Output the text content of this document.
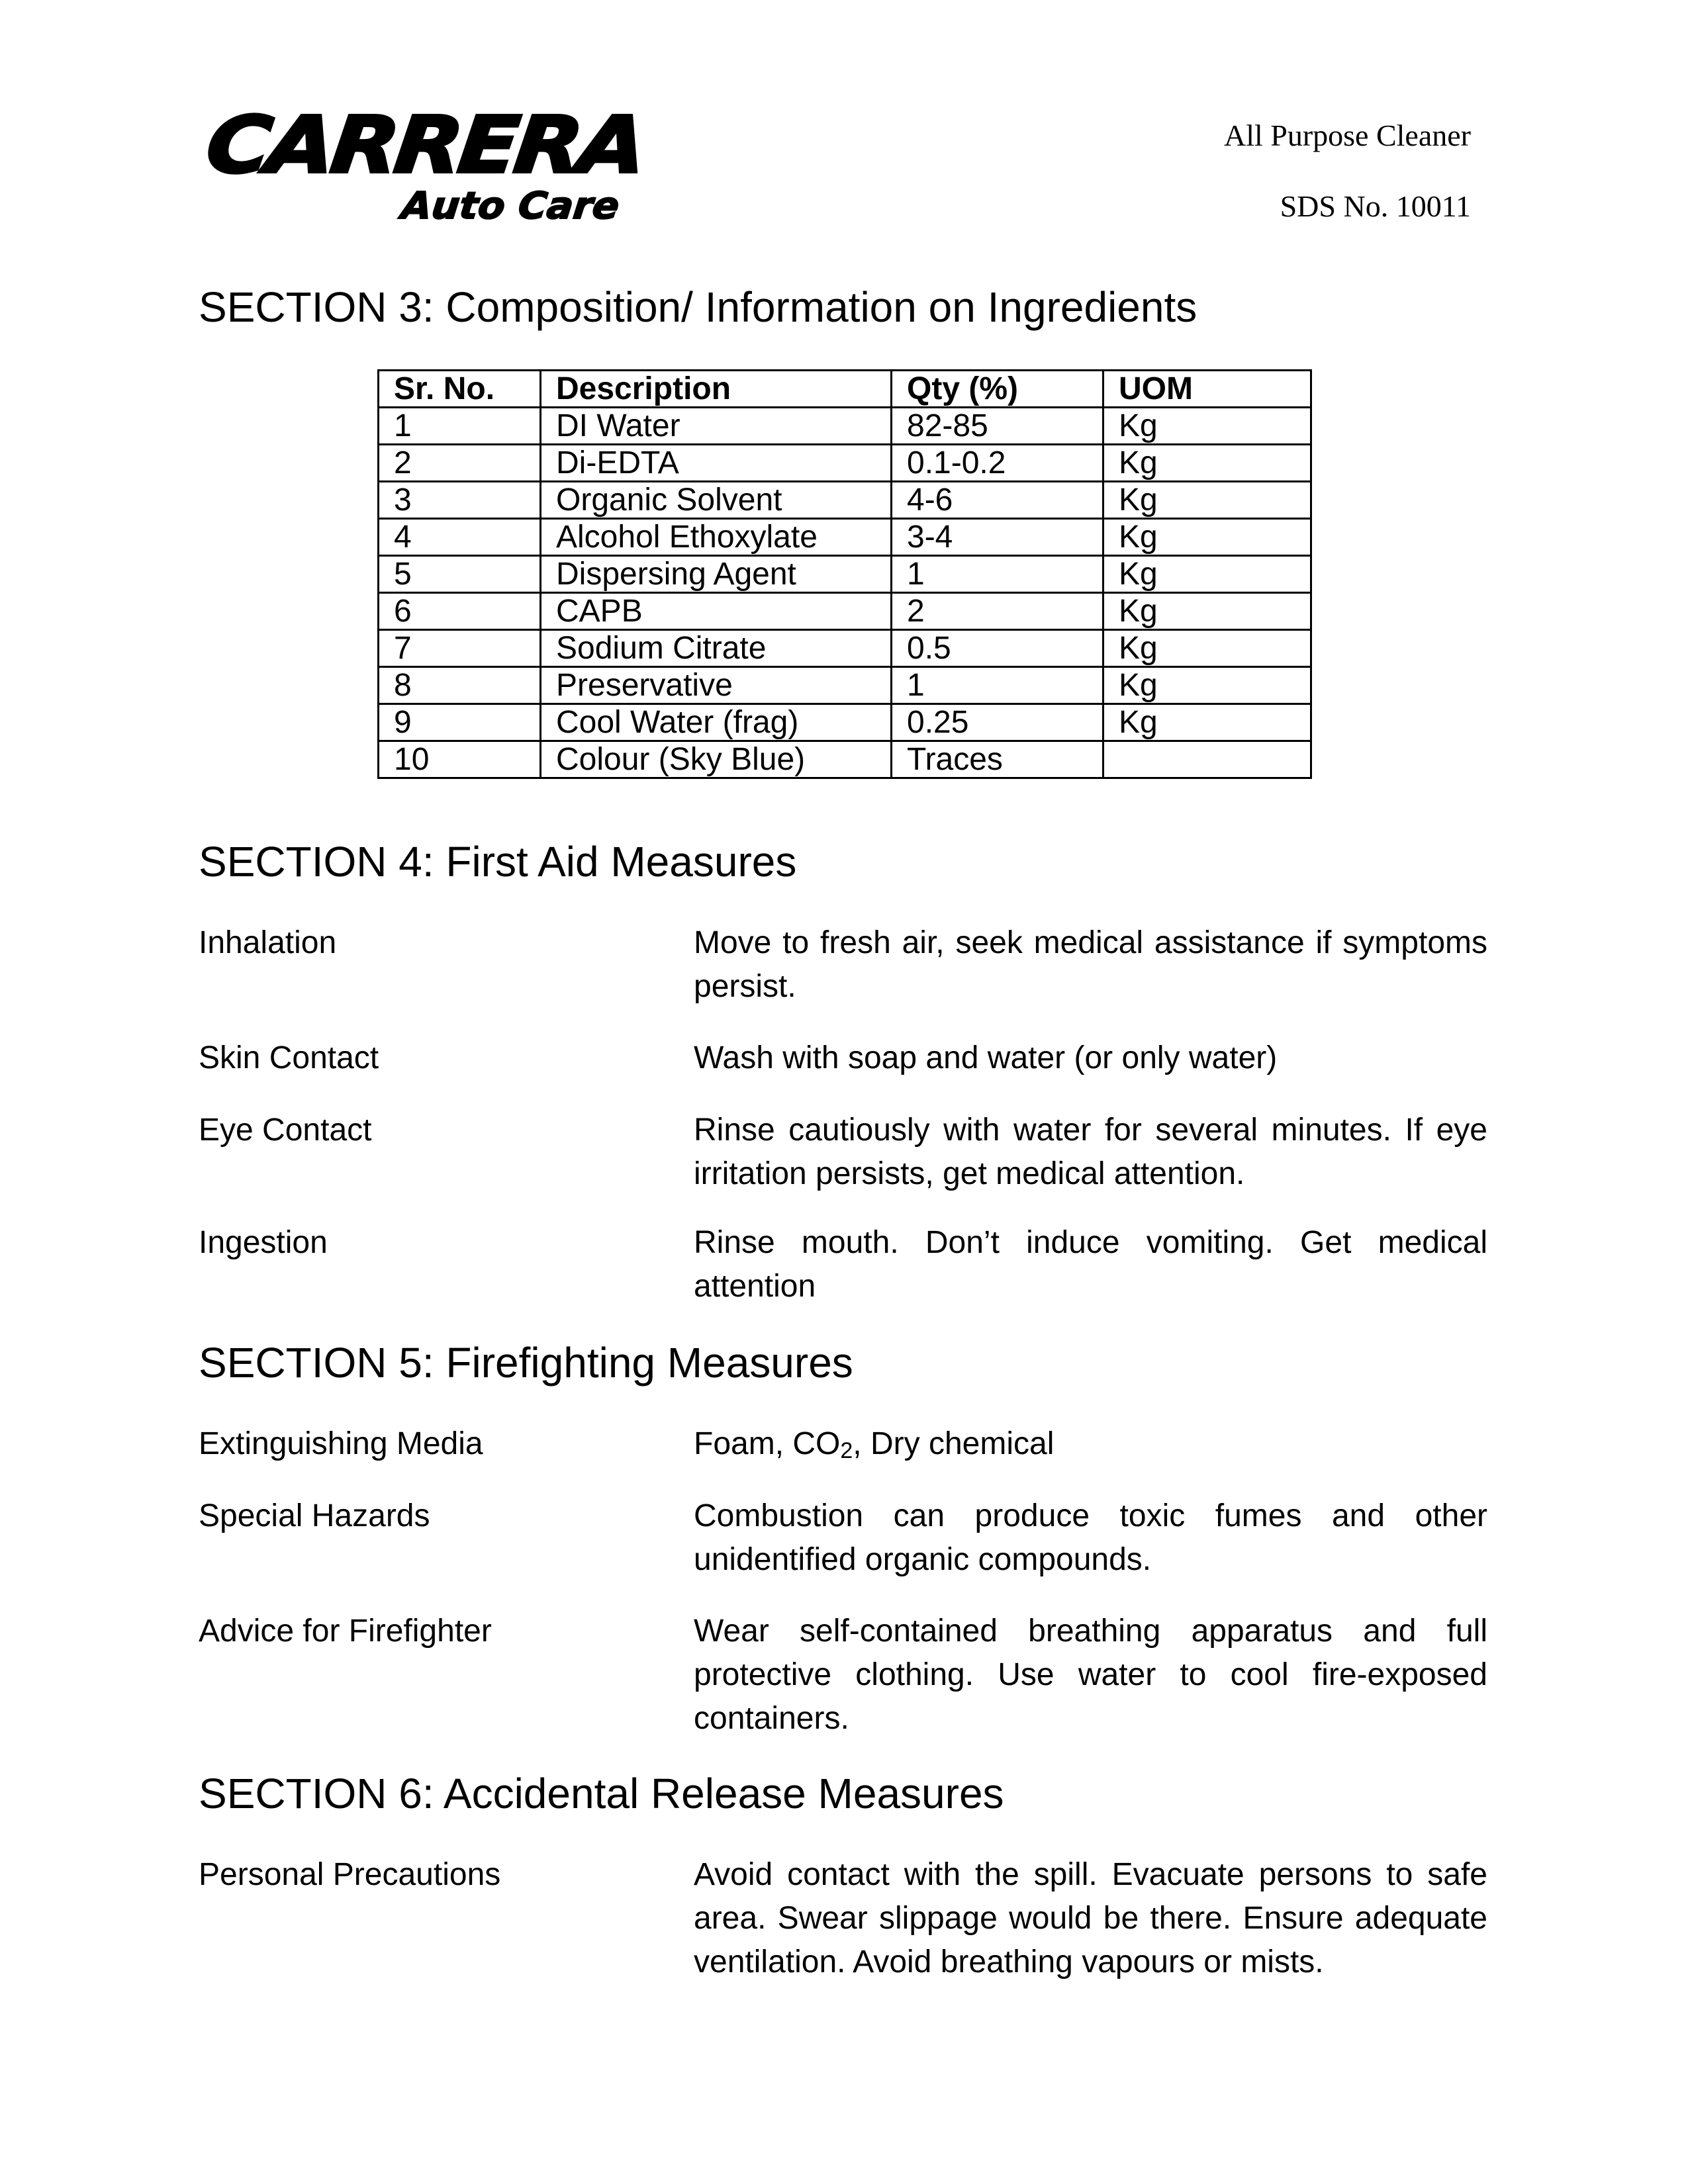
CARRERA
Auto Care
All Purpose Cleaner
SDS No. 10011
SECTION 3: Composition/ Information on Ingredients
Sr. No.	Description	Qty (%)	UOM
1	DI Water	82-85	Kg
2	Di-EDTA	0.1-0.2	Kg
3	Organic Solvent	4-6	Kg
4	Alcohol Ethoxylate	3-4	Kg
5	Dispersing Agent	1	Kg
6	CAPB	2	Kg
7	Sodium Citrate	0.5	Kg
8	Preservative	1	Kg
9	Cool Water (frag)	0.25	Kg
10	Colour (Sky Blue)	Traces	
SECTION 4: First Aid Measures
Inhalation	Move to fresh air, seek medical assistance if symptoms persist.
Skin Contact	Wash with soap and water (or only water)
Eye Contact	Rinse cautiously with water for several minutes. If eye irritation persists, get medical attention.
Ingestion	Rinse mouth. Don’t induce vomiting. Get medical attention
SECTION 5: Firefighting Measures
Extinguishing Media	Foam, $CO_2$, Dry chemical
Special Hazards	Combustion can produce toxic fumes and other unidentified organic compounds.
Advice for Firefighter	Wear self-contained breathing apparatus and full protective clothing. Use water to cool fire-exposed containers.
SECTION 6: Accidental Release Measures
Personal Precautions	Avoid contact with the spill. Evacuate persons to safe area. Swear slippage would be there. Ensure adequate ventilation. Avoid breathing vapours or mists.
